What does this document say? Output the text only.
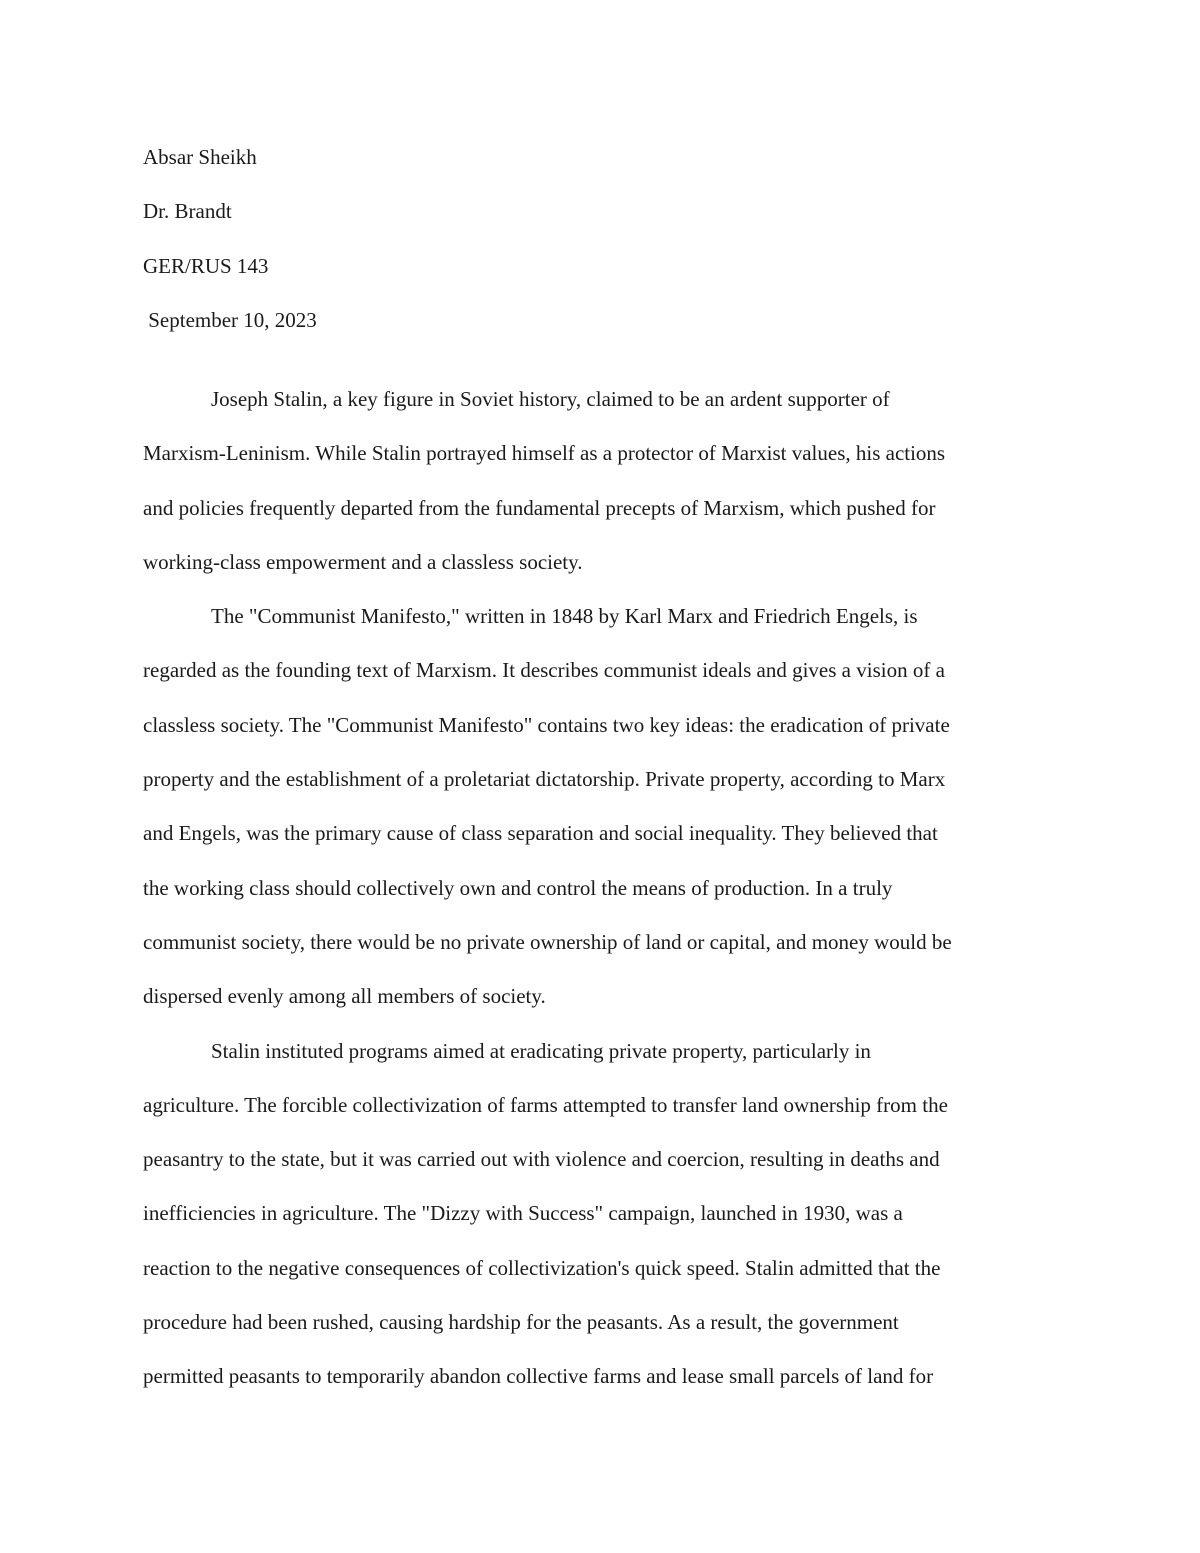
Absar Sheikh
Dr. Brandt
GER/RUS 143
September 10, 2023
Joseph Stalin, a key figure in Soviet history, claimed to be an ardent supporter of
Marxism-Leninism. While Stalin portrayed himself as a protector of Marxist values, his actions
and policies frequently departed from the fundamental precepts of Marxism, which pushed for
working-class empowerment and a classless society.
The "Communist Manifesto," written in 1848 by Karl Marx and Friedrich Engels, is
regarded as the founding text of Marxism. It describes communist ideals and gives a vision of a
classless society. The "Communist Manifesto" contains two key ideas: the eradication of private
property and the establishment of a proletariat dictatorship. Private property, according to Marx
and Engels, was the primary cause of class separation and social inequality. They believed that
the working class should collectively own and control the means of production. In a truly
communist society, there would be no private ownership of land or capital, and money would be
dispersed evenly among all members of society.
Stalin instituted programs aimed at eradicating private property, particularly in
agriculture. The forcible collectivization of farms attempted to transfer land ownership from the
peasantry to the state, but it was carried out with violence and coercion, resulting in deaths and
inefficiencies in agriculture. The "Dizzy with Success" campaign, launched in 1930, was a
reaction to the negative consequences of collectivization's quick speed. Stalin admitted that the
procedure had been rushed, causing hardship for the peasants. As a result, the government
permitted peasants to temporarily abandon collective farms and lease small parcels of land for
